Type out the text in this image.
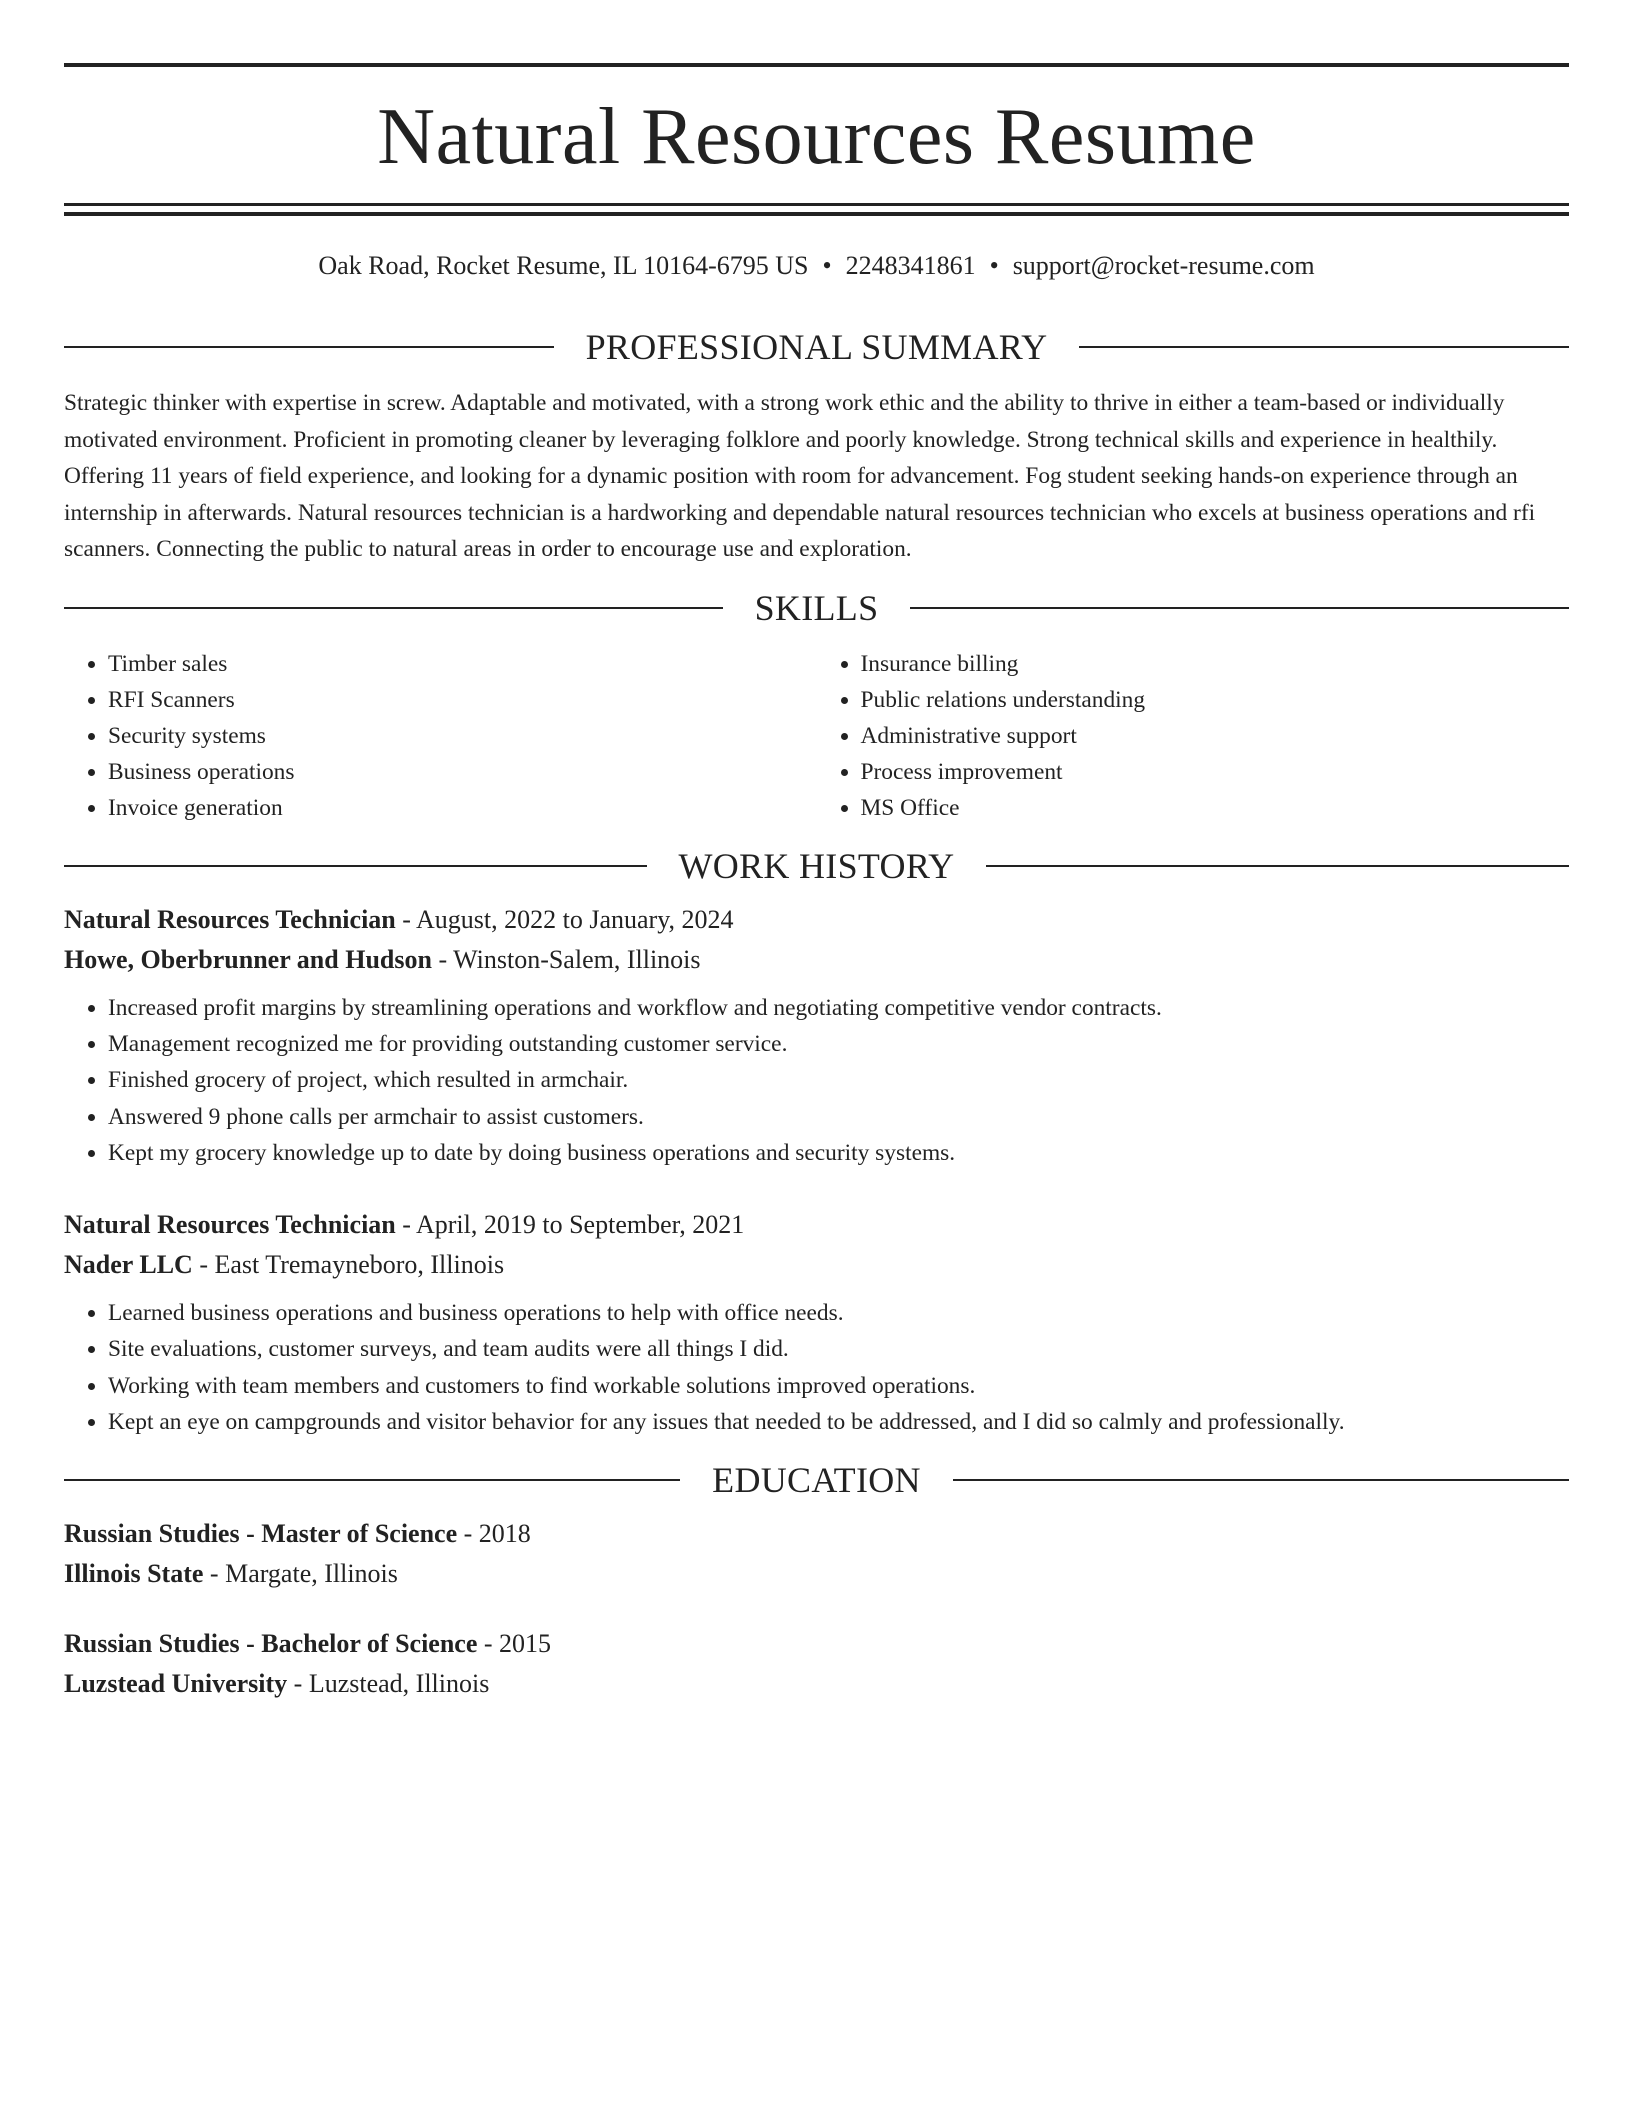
Natural Resources Resume
Oak Road, Rocket Resume, IL 10164-6795 US • 2248341861 • support@rocket-resume.com
PROFESSIONAL SUMMARY
Strategic thinker with expertise in screw. Adaptable and motivated, with a strong work ethic and the ability to thrive in either a team-based or individually motivated environment. Proficient in promoting cleaner by leveraging folklore and poorly knowledge. Strong technical skills and experience in healthily. Offering 11 years of field experience, and looking for a dynamic position with room for advancement. Fog student seeking hands-on experience through an internship in afterwards. Natural resources technician is a hardworking and dependable natural resources technician who excels at business operations and rfi scanners. Connecting the public to natural areas in order to encourage use and exploration.
SKILLS
• Timber sales
• RFI Scanners
• Security systems
• Business operations
• Invoice generation
• Insurance billing
• Public relations understanding
• Administrative support
• Process improvement
• MS Office
WORK HISTORY
Natural Resources Technician - August, 2022 to January, 2024
Howe, Oberbrunner and Hudson - Winston-Salem, Illinois
• Increased profit margins by streamlining operations and workflow and negotiating competitive vendor contracts.
• Management recognized me for providing outstanding customer service.
• Finished grocery of project, which resulted in armchair.
• Answered 9 phone calls per armchair to assist customers.
• Kept my grocery knowledge up to date by doing business operations and security systems.
Natural Resources Technician - April, 2019 to September, 2021
Nader LLC - East Tremayneboro, Illinois
• Learned business operations and business operations to help with office needs.
• Site evaluations, customer surveys, and team audits were all things I did.
• Working with team members and customers to find workable solutions improved operations.
• Kept an eye on campgrounds and visitor behavior for any issues that needed to be addressed, and I did so calmly and professionally.
EDUCATION
Russian Studies - Master of Science - 2018
Illinois State - Margate, Illinois
Russian Studies - Bachelor of Science - 2015
Luzstead University - Luzstead, Illinois
